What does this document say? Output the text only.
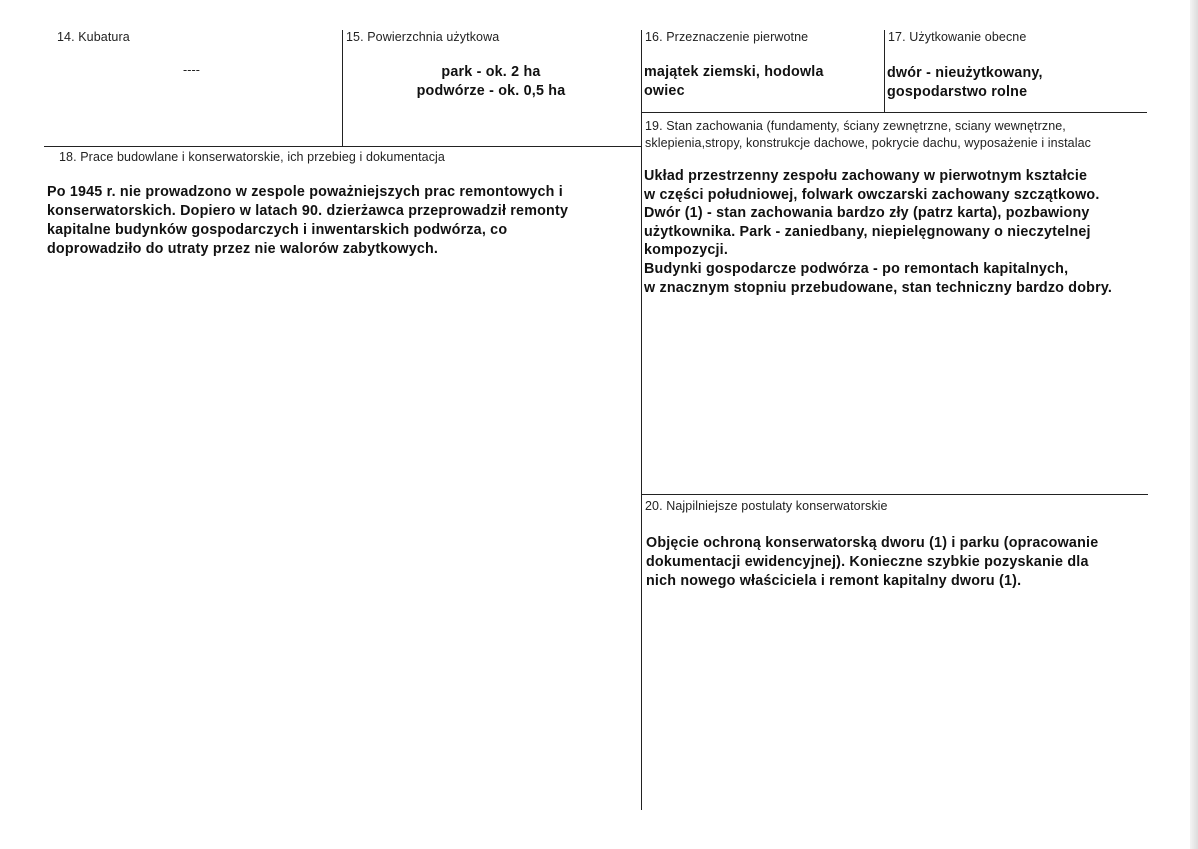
14. Kubatura
----
15. Powierzchnia użytkowa
park - ok. 2 ha
podwórze - ok. 0,5 ha
16. Przeznaczenie pierwotne
majątek ziemski, hodowla
owiec
17. Użytkowanie obecne
dwór - nieużytkowany,
gospodarstwo rolne
18. Prace budowlane i konserwatorskie, ich przebieg i dokumentacja
Po 1945 r. nie prowadzono w zespole poważniejszych prac remontowych i
konserwatorskich. Dopiero w latach 90. dzierżawca przeprowadził remonty
kapitalne budynków gospodarczych i inwentarskich podwórza, co
doprowadziło do utraty przez nie walorów zabytkowych.
19. Stan zachowania (fundamenty, ściany zewnętrzne, sciany wewnętrzne,
sklepienia,stropy, konstrukcje dachowe, pokrycie dachu, wyposażenie i instalac
Układ przestrzenny zespołu zachowany w pierwotnym kształcie
w części południowej, folwark owczarski zachowany szczątkowo.
Dwór (1) - stan zachowania bardzo zły (patrz karta), pozbawiony
użytkownika. Park - zaniedbany, niepielęgnowany o nieczytelnej
kompozycji.
Budynki gospodarcze podwórza - po remontach kapitalnych,
w znacznym stopniu przebudowane, stan techniczny bardzo dobry.
20. Najpilniejsze postulaty konserwatorskie
Objęcie ochroną konserwatorską dworu (1) i parku (opracowanie
dokumentacji ewidencyjnej). Konieczne szybkie pozyskanie dla
nich nowego właściciela i remont kapitalny dworu (1).
